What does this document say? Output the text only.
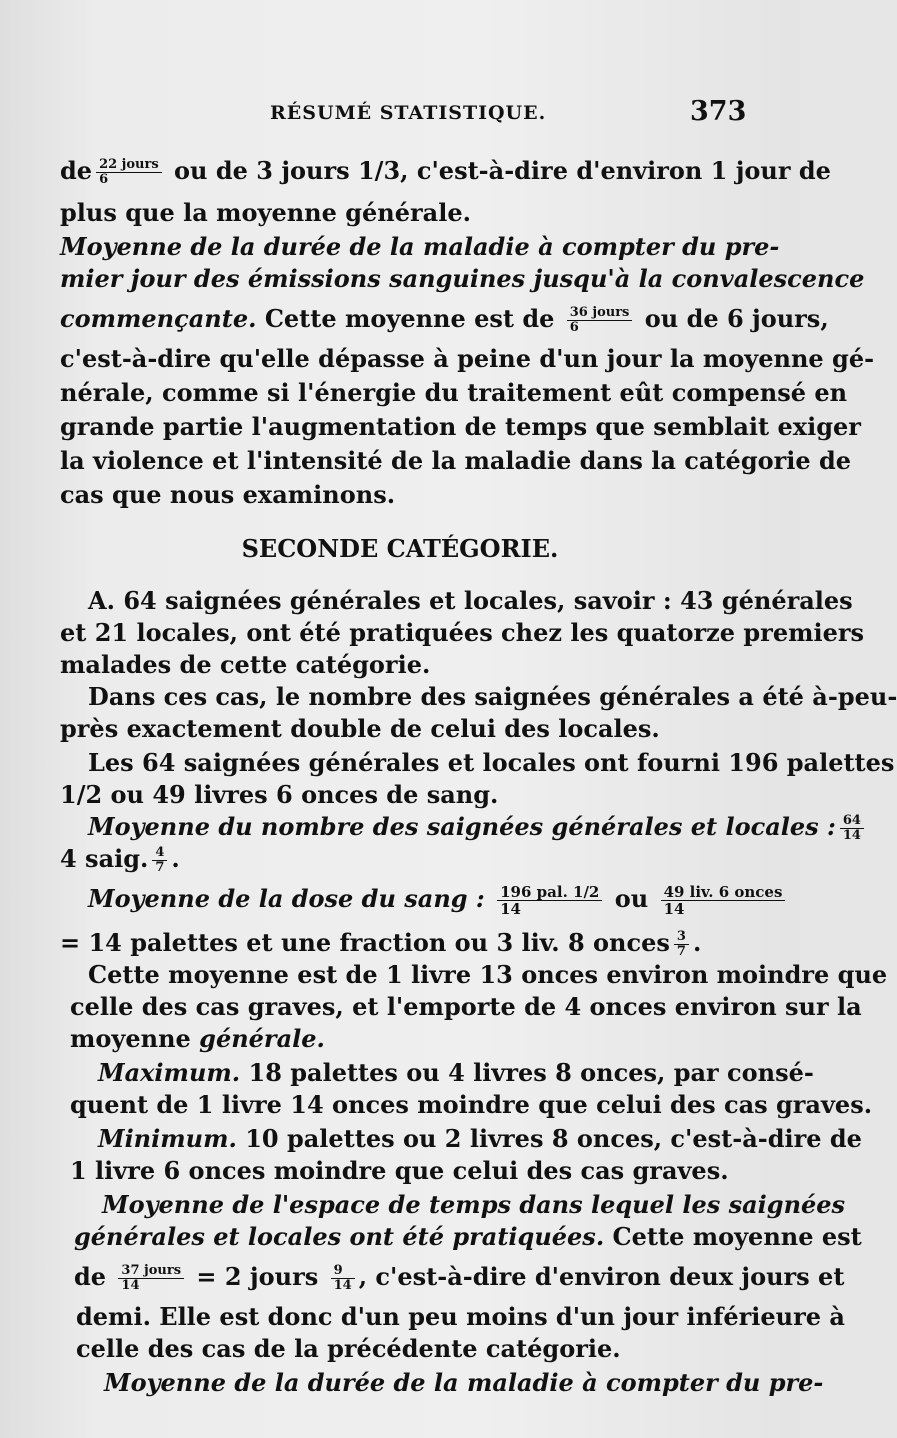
RÉSUMÉ STATISTIQUE.	373
de $\frac{\text{22 jours}}{6}$ ou de 3 jours 1/3, c'est-à-dire d'environ 1 jour de
plus que la moyenne générale.
Moyenne de la durée de la maladie à compter du pre-
mier jour des émissions sanguines jusqu'à la convalescence
commençante. Cette moyenne est de $\frac{\text{36 jours}}{6}$ ou de 6 jours,
c'est-à-dire qu'elle dépasse à peine d'un jour la moyenne gé-
nérale, comme si l'énergie du traitement eût compensé en
grande partie l'augmentation de temps que semblait exiger
la violence et l'intensité de la maladie dans la catégorie de
cas que nous examinons.
SECONDE CATÉGORIE.
A. 64 saignées générales et locales, savoir : 43 générales
et 21 locales, ont été pratiquées chez les quatorze premiers
malades de cette catégorie.
Dans ces cas, le nombre des saignées générales a été à-peu-
près exactement double de celui des locales.
Les 64 saignées générales et locales ont fourni 196 palettes
1/2 ou 49 livres 6 onces de sang.
Moyenne du nombre des saignées générales et locales : $\frac{64}{14}$
4 saig. $\frac{4}{7}$ .
Moyenne de la dose du sang : $\frac{\text{196 pal. 1/2}}{14}$ ou $\frac{\text{49 liv. 6 onces}}{14}$
= 14 palettes et une fraction ou 3 liv. 8 onces $\frac{3}{7}$ .
Cette moyenne est de 1 livre 13 onces environ moindre que
celle des cas graves, et l'emporte de 4 onces environ sur la
moyenne générale.
Maximum. 18 palettes ou 4 livres 8 onces, par consé-
quent de 1 livre 14 onces moindre que celui des cas graves.
Minimum. 10 palettes ou 2 livres 8 onces, c'est-à-dire de
1 livre 6 onces moindre que celui des cas graves.
Moyenne de l'espace de temps dans lequel les saignées
générales et locales ont été pratiquées. Cette moyenne est
de $\frac{\text{37 jours}}{14} = 2$ jours $\frac{9}{14}$ , c'est-à-dire d'environ deux jours et
demi. Elle est donc d'un peu moins d'un jour inférieure à
celle des cas de la précédente catégorie.
Moyenne de la durée de la maladie à compter du pre-
